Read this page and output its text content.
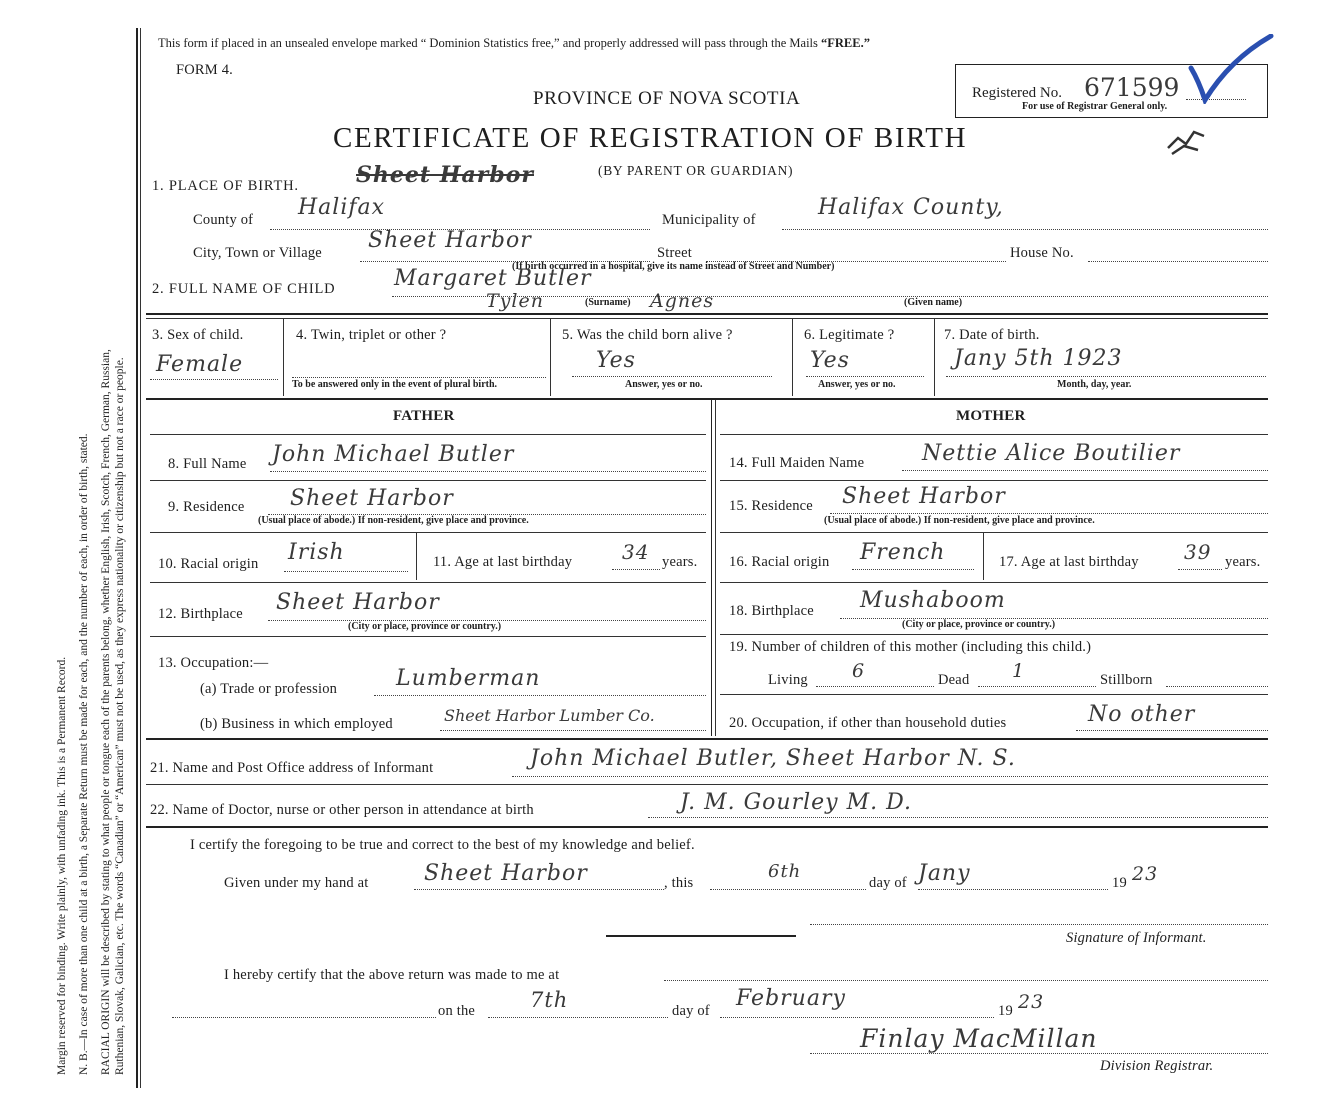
Margin reserved for binding. Write plainly, with unfading ink. This is a Permanent Record. N. B.—In case of more than one child at a birth, a Separate Return must be made for each, and the number of each, in order of birth, stated. RACIAL ORIGIN will be described by stating to what people or tongue each of the parents belong, whether English, Irish, Scotch, French, German, Russian, Ruthenian, Slovak, Galician, etc. The words “Canadian” or “American” must not be used, as they express nationality or citizenship but not a race or people.
This form if placed in an unsealed envelope marked “ Dominion Statistics free,” and properly addressed will pass through the Mails “FREE.”
FORM 4.
PROVINCE OF NOVA SCOTIA
CERTIFICATE OF REGISTRATION OF BIRTH
Registered No. 671599
For use of Registrar General only.
1. PLACE OF BIRTH.	Sheet Harbor	(BY PARENT OR GUARDIAN)
County of Halifax	Municipality of	Halifax County,
City, Town or Village Sheet Harbor	Street	House No.
(If birth occurred in a hospital, give its name instead of Street and Number)
2. FULL NAME OF CHILD	Margaret Butler
Tylen	Agnes
(Surname)	(Given name)
3. Sex of child.
Female
4. Twin, triplet or other ?
To be answered only in the event of plural birth.
5. Was the child born alive ?
Yes
Answer, yes or no.
6. Legitimate ?
Yes
Answer, yes or no.
7. Date of birth.
Jany 5th 1923
Month, day, year.
FATHER	MOTHER
8. Full Name John Michael Butler
9. Residence Sheet Harbor
(Usual place of abode.) If non-resident, give place and province.
10. Racial origin Irish	11. Age at last birthday 34 years.
12. Birthplace Sheet Harbor
(City or place, province or country.)
13. Occupation:—
(a) Trade or profession	Lumberman
(b) Business in which employed	Sheet Harbor Lumber Co.
14. Full Maiden Name	Nettie Alice Boutilier
15. Residence Sheet Harbor
(Usual place of abode.) If non-resident, give place and province.
16. Racial origin French	17. Age at last birthday 39 years.
18. Birthplace Mushaboom
(City or place, province or country.)
19. Number of children of this mother (including this child.)
Living 6	Dead 1	Stillborn
20. Occupation, if other than household duties	No other
21. Name and Post Office address of Informant	John Michael Butler, Sheet Harbor N. S.
22. Name of Doctor, nurse or other person in attendance at birth	J. M. Gourley M. D.
I certify the foregoing to be true and correct to the best of my knowledge and belief.
Given under my hand at	Sheet Harbor	, this
6th
day of Jany	19 23
Signature of Informant.
I hereby certify that the above return was made to me at
on the	7th	day of February	19 23
Finlay MacMillan
Division Registrar.
